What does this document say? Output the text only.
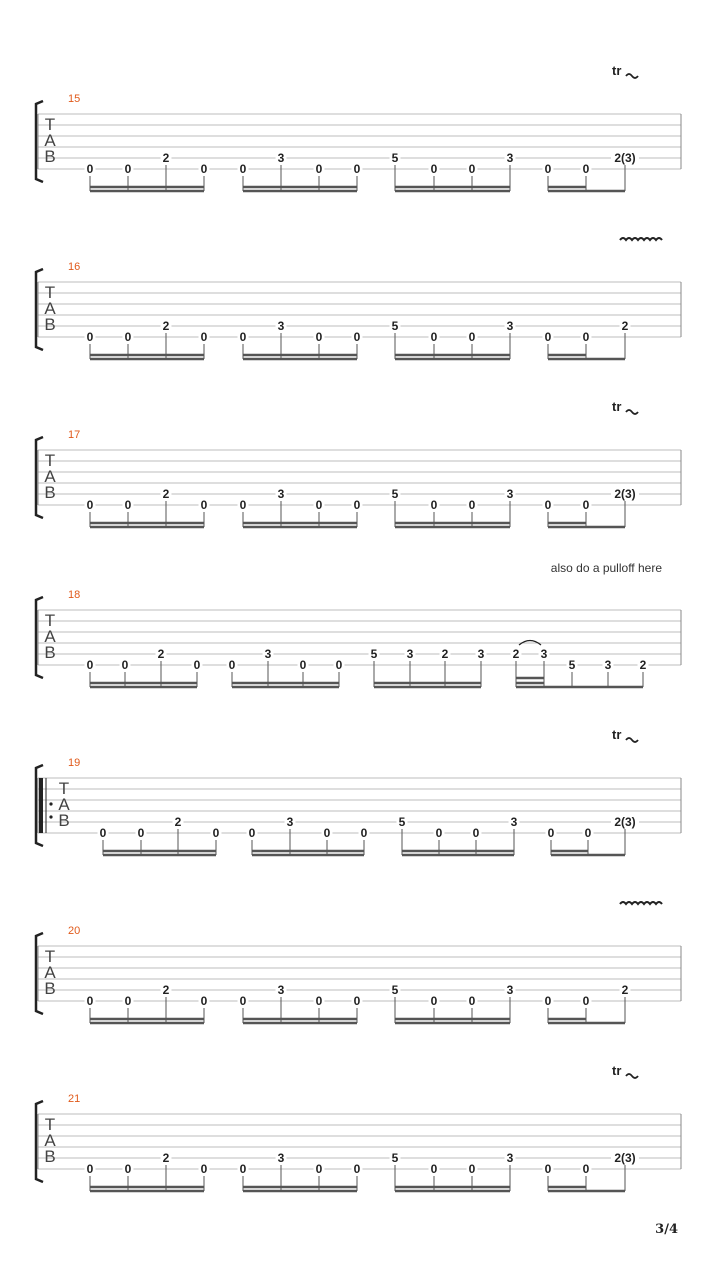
T
A
B
15
tr
0	0
2
0	0
3
0	0
5
0	0
3
0	0
2(3)
T
A
B
16
0	0
2
0	0
3
0	0
5
0	0
3
0	0
2
T
A
B
17
tr
0	0
2
0	0
3
0	0
5
0	0
3
0	0
2(3)
T
A
B
18
also do a pulloff here
0 0
2
0 0
3
0 0
5 3 2 3 2 3
5 3 2
T
A
B
19
tr
0	0
2
0 0
3
0	0
5
0	0
3
0	0
2(3)
T
A
B
20
0	0
2
0	0
3
0	0
5
0	0
3
0	0
2
T
A
B
21
tr
0	0
2
0	0
3
0	0
5
0	0
3
0	0
2(3)
3/4
